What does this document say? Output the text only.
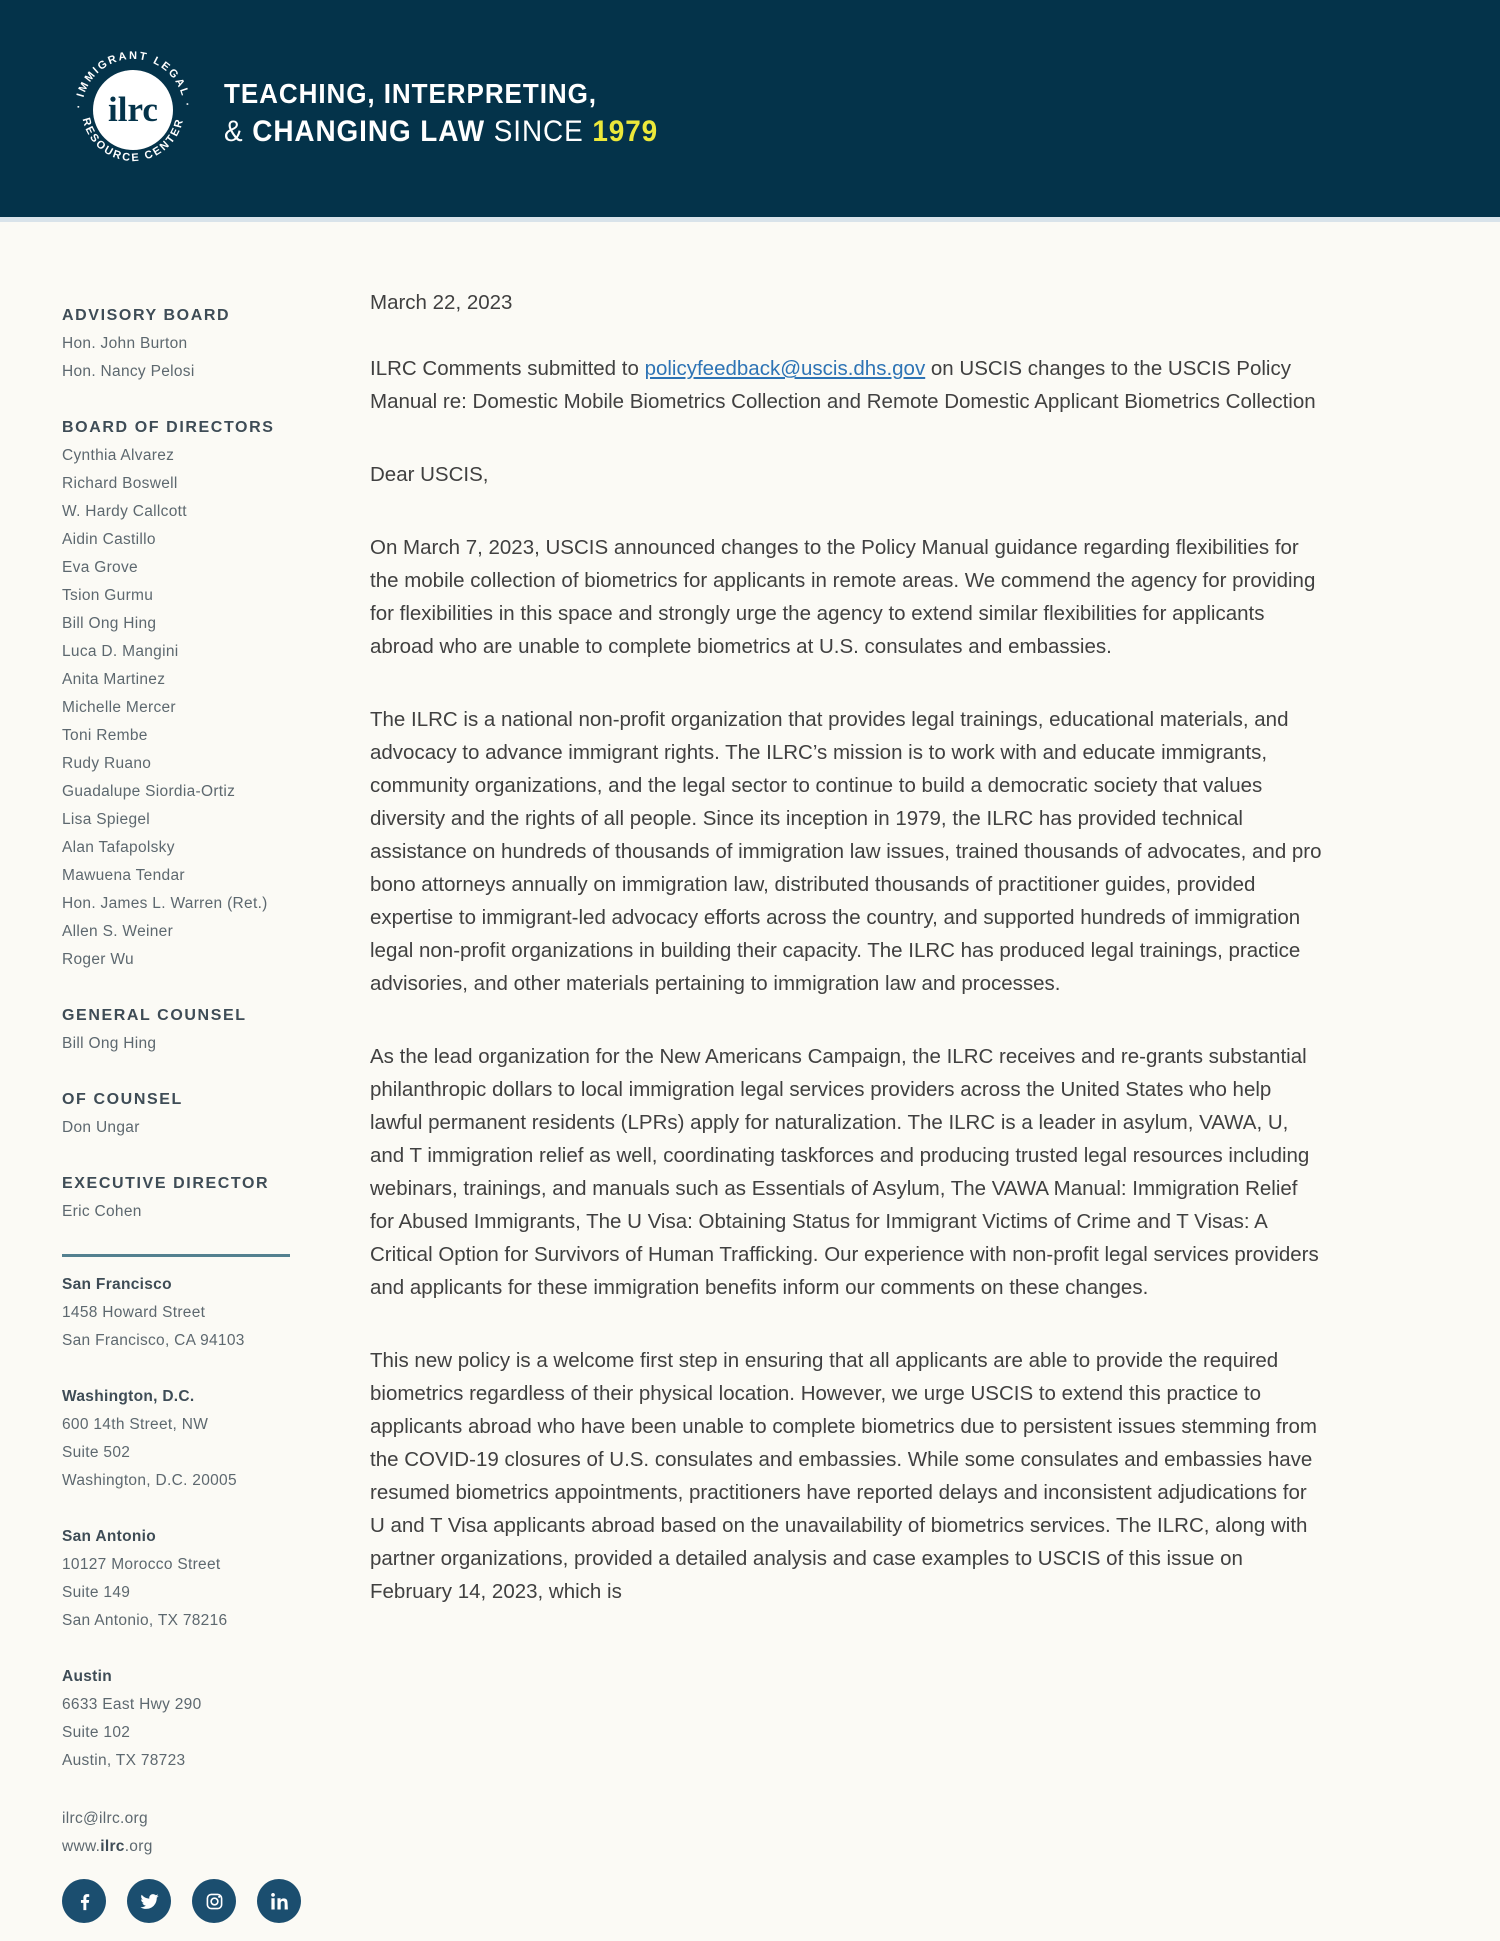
· IMMIGRANT LEGAL ·
RESOURCE CENTER
ilrc TEACHING, INTERPRETING,
& CHANGING LAW SINCE 1979
ADVISORY BOARD
Hon. John Burton
Hon. Nancy Pelosi
BOARD OF DIRECTORS
Cynthia Alvarez
Richard Boswell
W. Hardy Callcott
Aidin Castillo
Eva Grove
Tsion Gurmu
Bill Ong Hing
Luca D. Mangini
Anita Martinez
Michelle Mercer
Toni Rembe
Rudy Ruano
Guadalupe Siordia-Ortiz
Lisa Spiegel
Alan Tafapolsky
Mawuena Tendar
Hon. James L. Warren (Ret.)
Allen S. Weiner
Roger Wu
GENERAL COUNSEL
Bill Ong Hing
OF COUNSEL
Don Ungar
EXECUTIVE DIRECTOR
Eric Cohen
San Francisco
1458 Howard Street
San Francisco, CA 94103
Washington, D.C.
600 14th Street, NW
Suite 502
Washington, D.C. 20005
San Antonio
10127 Morocco Street
Suite 149
San Antonio, TX 78216
Austin
6633 East Hwy 290
Suite 102
Austin, TX 78723
ilrc@ilrc.org
www.ilrc.org
March 22, 2023
ILRC Comments submitted to policyfeedback@uscis.dhs.gov on USCIS changes to the USCIS Policy Manual re: Domestic Mobile Biometrics Collection and Remote Domestic Applicant Biometrics Collection
Dear USCIS,

On March 7, 2023, USCIS announced changes to the Policy Manual guidance regarding flexibilities for the mobile collection of biometrics for applicants in remote areas. We commend the agency for providing for flexibilities in this space and strongly urge the agency to extend similar flexibilities for applicants abroad who are unable to complete biometrics at U.S. consulates and embassies.

The ILRC is a national non-profit organization that provides legal trainings, educational materials, and advocacy to advance immigrant rights. The ILRC’s mission is to work with and educate immigrants, community organizations, and the legal sector to continue to build a democratic society that values diversity and the rights of all people. Since its inception in 1979, the ILRC has provided technical assistance on hundreds of thousands of immigration law issues, trained thousands of advocates, and pro bono attorneys annually on immigration law, distributed thousands of practitioner guides, provided expertise to immigrant-led advocacy efforts across the country, and supported hundreds of immigration legal non-profit organizations in building their capacity. The ILRC has produced legal trainings, practice advisories, and other materials pertaining to immigration law and processes.

As the lead organization for the New Americans Campaign, the ILRC receives and re-grants substantial philanthropic dollars to local immigration legal services providers across the United States who help lawful permanent residents (LPRs) apply for naturalization. The ILRC is a leader in asylum, VAWA, U, and T immigration relief as well, coordinating taskforces and producing trusted legal resources including webinars, trainings, and manuals such as Essentials of Asylum, The VAWA Manual: Immigration Relief for Abused Immigrants, The U Visa: Obtaining Status for Immigrant Victims of Crime and T Visas: A Critical Option for Survivors of Human Trafficking. Our experience with non-profit legal services providers and applicants for these immigration benefits inform our comments on these changes.

This new policy is a welcome first step in ensuring that all applicants are able to provide the required biometrics regardless of their physical location. However, we urge USCIS to extend this practice to applicants abroad who have been unable to complete biometrics due to persistent issues stemming from the COVID-19 closures of U.S. consulates and embassies. While some consulates and embassies have resumed biometrics appointments, practitioners have reported delays and inconsistent adjudications for U and T Visa applicants abroad based on the unavailability of biometrics services. The ILRC, along with partner organizations, provided a detailed analysis and case examples to USCIS of this issue on February 14, 2023, which is
